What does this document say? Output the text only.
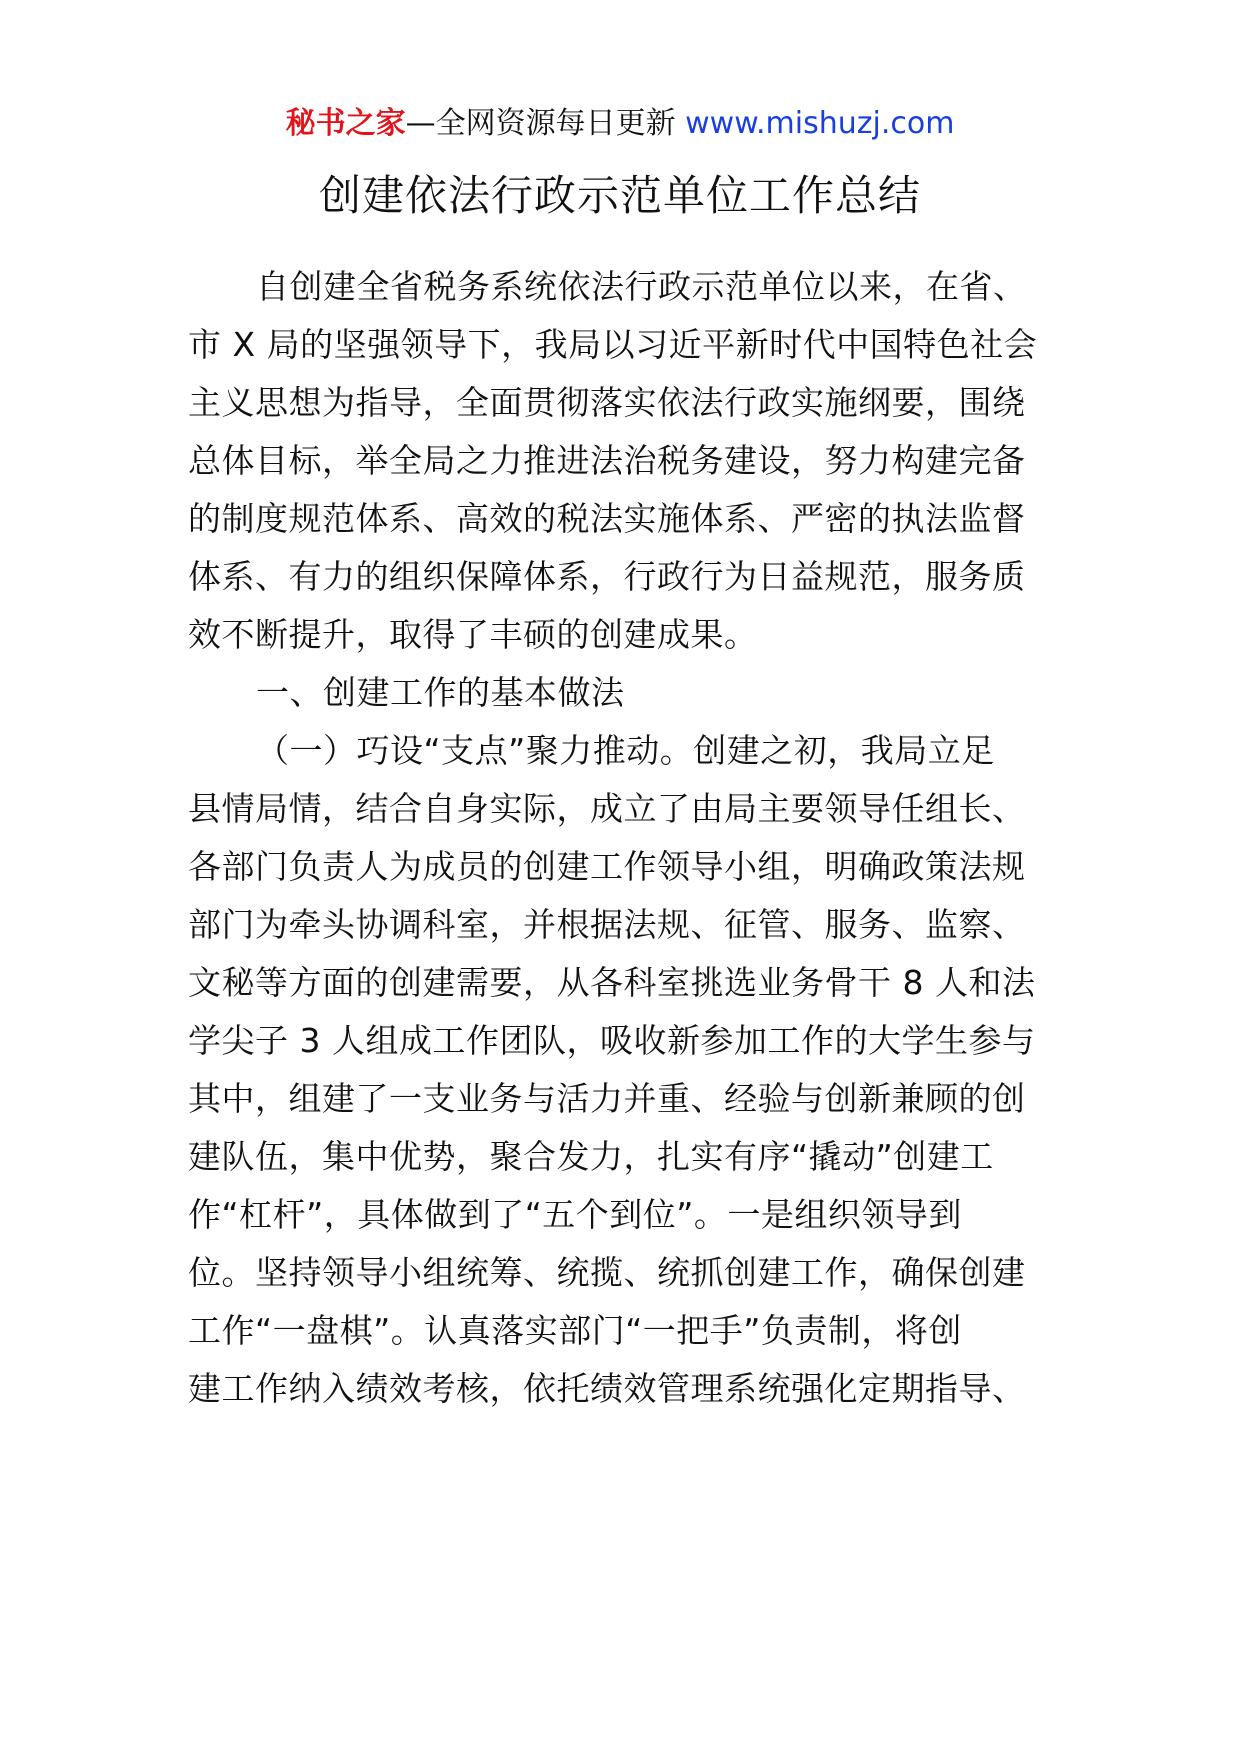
秘书之家—全网资源每日更新 www.mishuzj.com
创建依法行政示范单位工作总结
自创建全省税务系统依法行政示范单位以来，在省、
市 X 局的坚强领导下，我局以习近平新时代中国特色社会
主义思想为指导，全面贯彻落实依法行政实施纲要，围绕
总体目标，举全局之力推进法治税务建设，努力构建完备
的制度规范体系、高效的税法实施体系、严密的执法监督
体系、有力的组织保障体系，行政行为日益规范，服务质
效不断提升，取得了丰硕的创建成果。
一、创建工作的基本做法
（一）巧设“支点”聚力推动。创建之初，我局立足
县情局情，结合自身实际，成立了由局主要领导任组长、
各部门负责人为成员的创建工作领导小组，明确政策法规
部门为牵头协调科室，并根据法规、征管、服务、监察、
文秘等方面的创建需要，从各科室挑选业务骨干 8 人和法
学尖子 3 人组成工作团队，吸收新参加工作的大学生参与
其中，组建了一支业务与活力并重、经验与创新兼顾的创
建队伍，集中优势，聚合发力，扎实有序“撬动”创建工
作“杠杆”，具体做到了“五个到位”。一是组织领导到
位。坚持领导小组统筹、统揽、统抓创建工作，确保创建
工作“一盘棋”。认真落实部门“一把手”负责制，将创
建工作纳入绩效考核，依托绩效管理系统强化定期指导、
